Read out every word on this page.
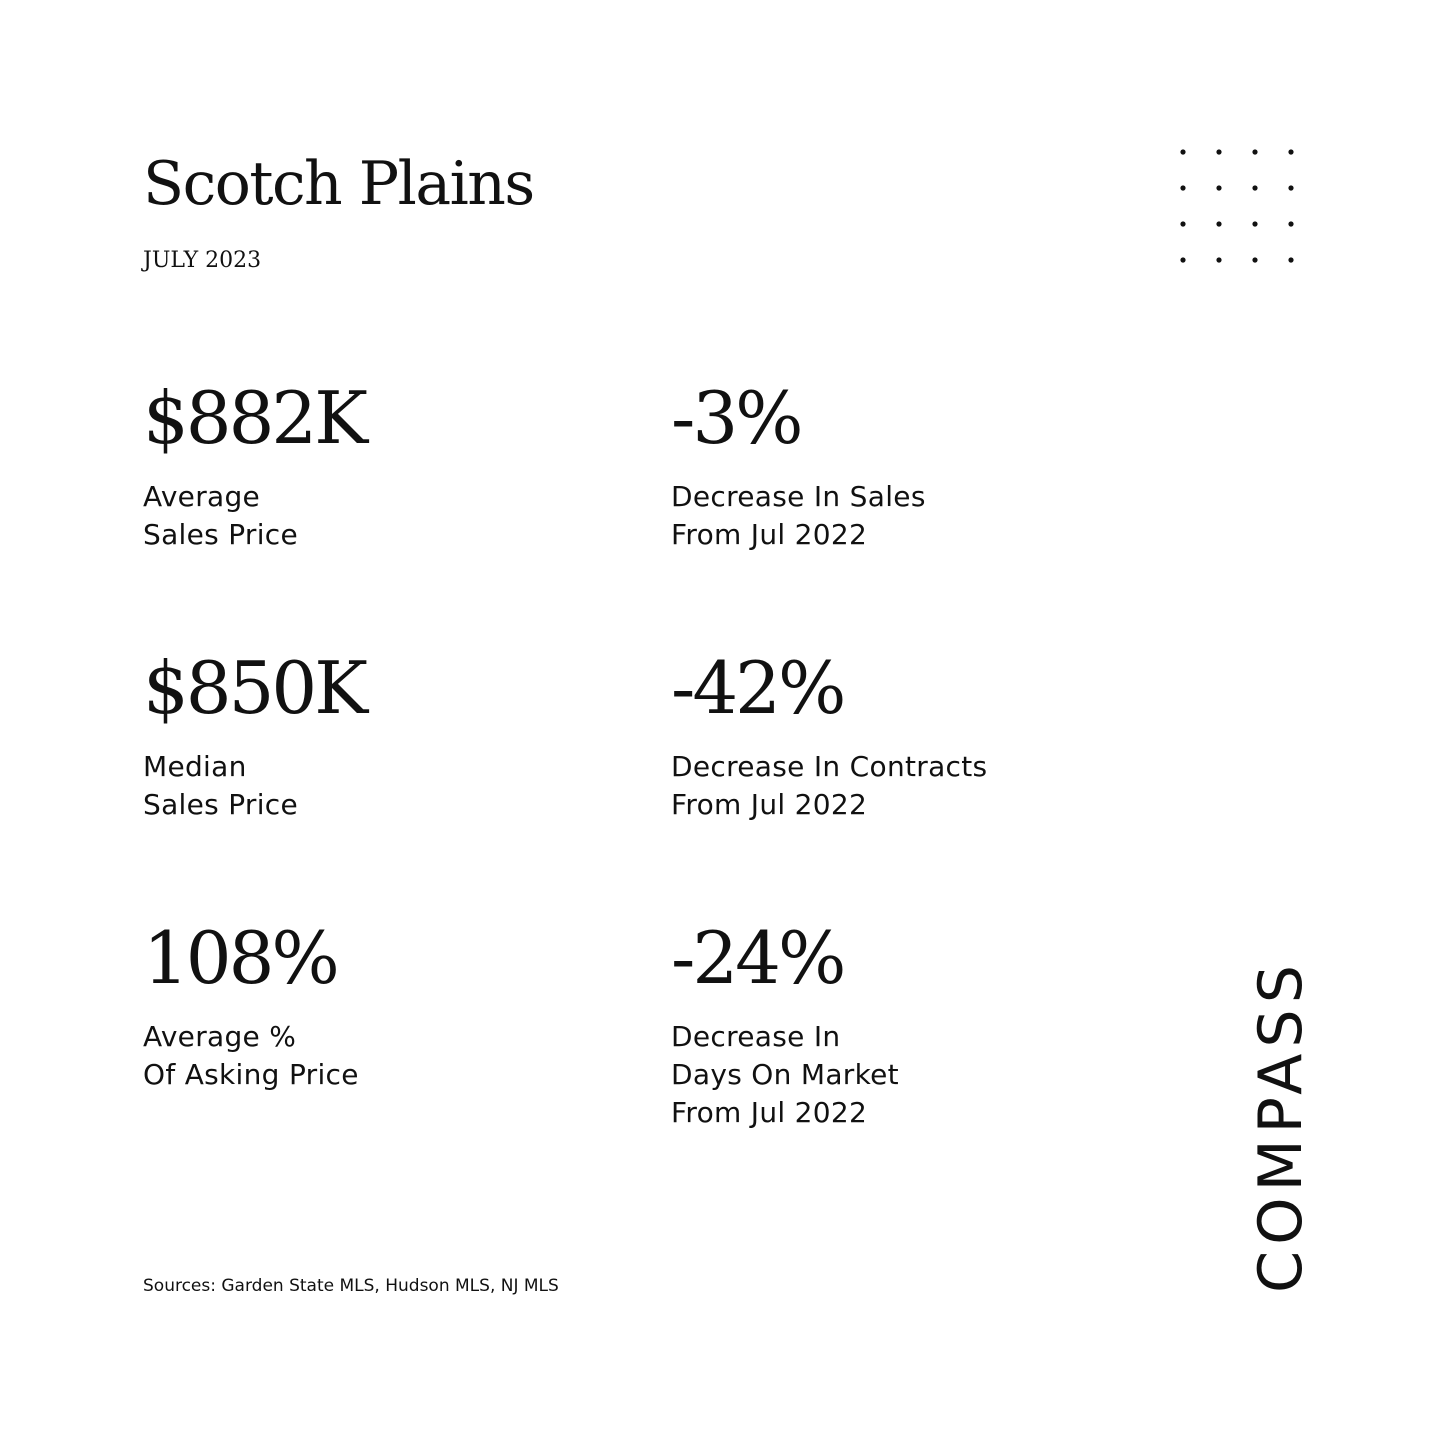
Scotch Plains
JULY 2023
$882K
Average
Sales Price
-3%
Decrease In Sales
From Jul 2022
$850K
Median
Sales Price
-42%
Decrease In Contracts
From Jul 2022
108%
Average %
Of Asking Price
-24%
Decrease In
Days On Market
From Jul 2022
Sources: Garden State MLS, Hudson MLS, NJ MLS	COMPASS
